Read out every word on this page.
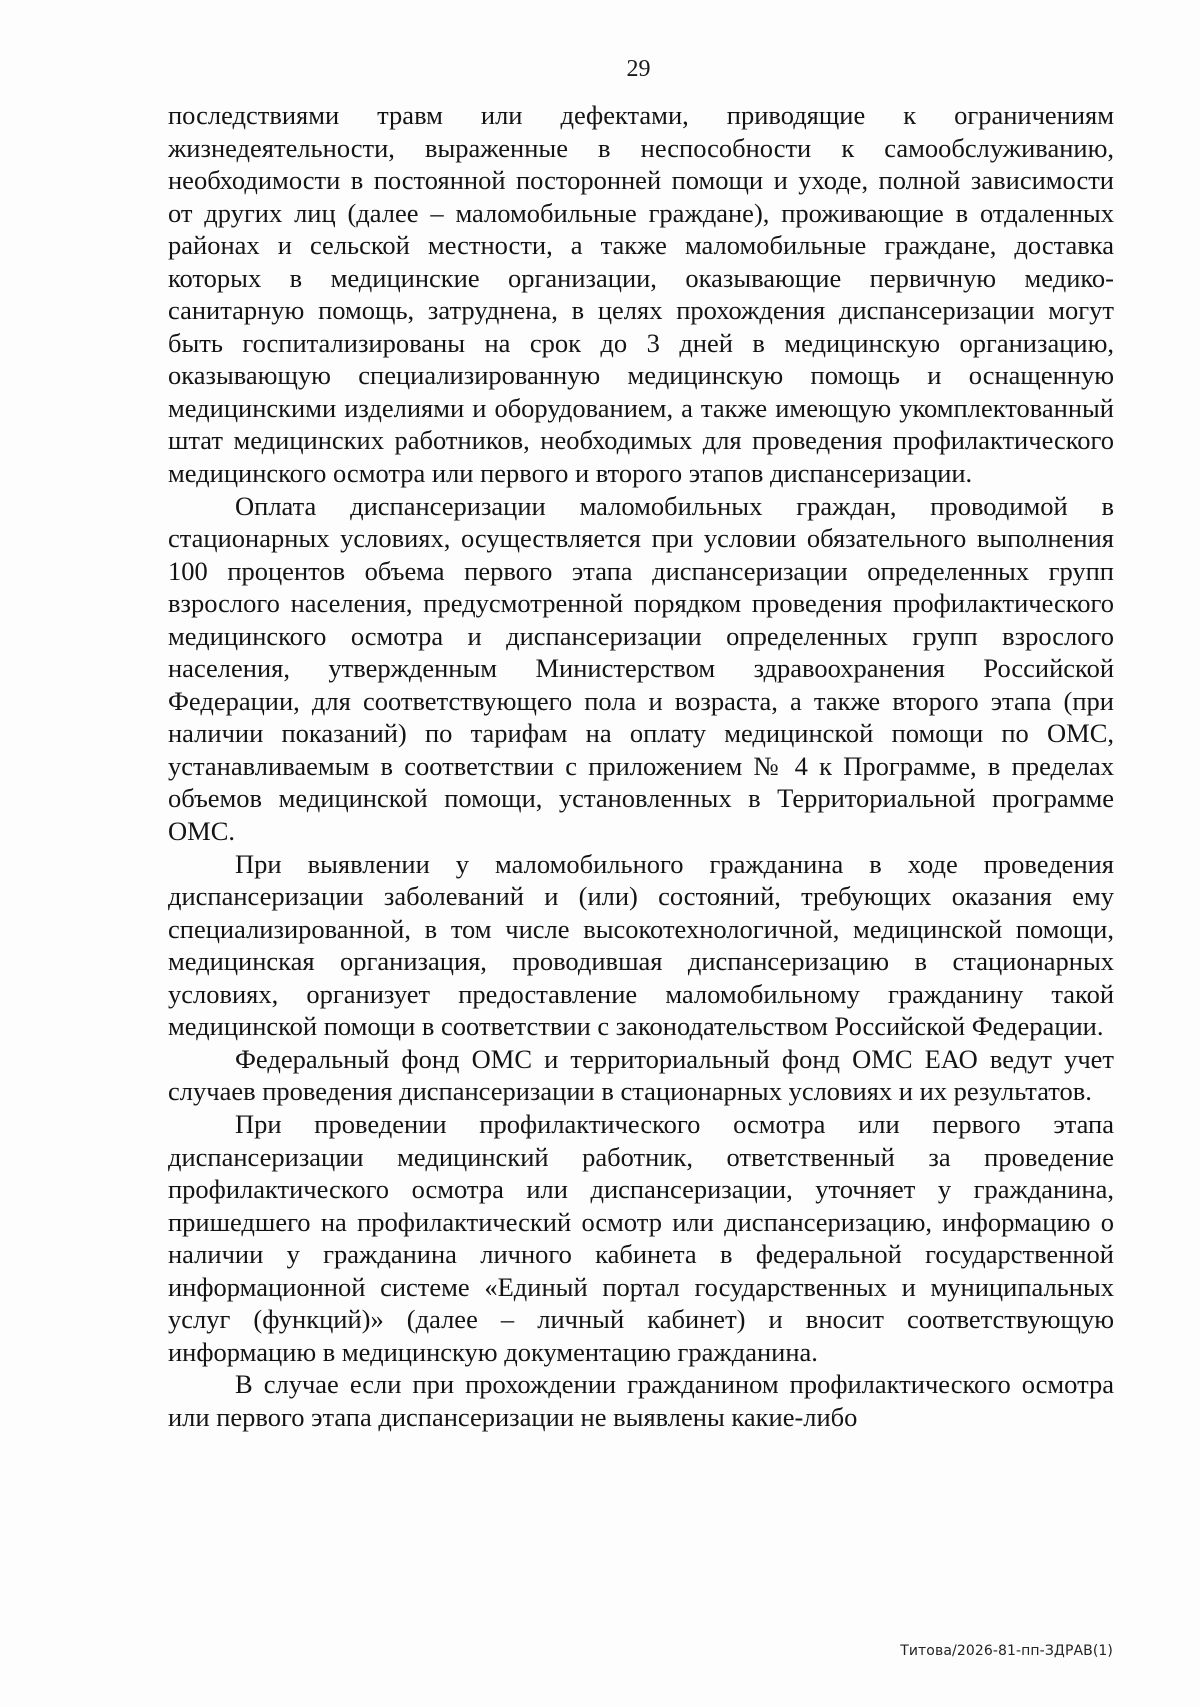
29

последствиями травм или дефектами, приводящие к ограничениям жизнедеятельности, выраженные в неспособности к самообслуживанию, необходимости в постоянной посторонней помощи и уходе, полной зависимости от других лиц (далее – маломобильные граждане), проживающие в отдаленных районах и сельской местности, а также маломобильные граждане, доставка которых в медицинские организации, оказывающие первичную медико-санитарную помощь, затруднена, в целях прохождения диспансеризации могут быть госпитализированы на срок до 3 дней в медицинскую организацию, оказывающую специализированную медицинскую помощь и оснащенную медицинскими изделиями и оборудованием, а также имеющую укомплектованный штат медицинских работников, необходимых для проведения профилактического медицинского осмотра или первого и второго этапов диспансеризации.

Оплата диспансеризации маломобильных граждан, проводимой в стационарных условиях, осуществляется при условии обязательного выполнения 100 процентов объема первого этапа диспансеризации определенных групп взрослого населения, предусмотренной порядком проведения профилактического медицинского осмотра и диспансеризации определенных групп взрослого населения, утвержденным Министерством здравоохранения Российской Федерации, для соответствующего пола и возраста, а также второго этапа (при наличии показаний) по тарифам на оплату медицинской помощи по ОМС, устанавливаемым в соответствии с приложением № 4 к Программе, в пределах объемов медицинской помощи, установленных в Территориальной программе ОМС.

При выявлении у маломобильного гражданина в ходе проведения диспансеризации заболеваний и (или) состояний, требующих оказания ему специализированной, в том числе высокотехнологичной, медицинской помощи, медицинская организация, проводившая диспансеризацию в стационарных условиях, организует предоставление маломобильному гражданину такой медицинской помощи в соответствии с законодательством Российской Федерации.

Федеральный фонд ОМС и территориальный фонд ОМС ЕАО ведут учет случаев проведения диспансеризации в стационарных условиях и их результатов.

При проведении профилактического осмотра или первого этапа диспансеризации медицинский работник, ответственный за проведение профилактического осмотра или диспансеризации, уточняет у гражданина, пришедшего на профилактический осмотр или диспансеризацию, информацию о наличии у гражданина личного кабинета в федеральной государственной информационной системе «Единый портал государственных и муниципальных услуг (функций)» (далее – личный кабинет) и вносит соответствующую информацию в медицинскую документацию гражданина.

В случае если при прохождении гражданином профилактического осмотра или первого этапа диспансеризации не выявлены какие-либо

Титова/2026-81-пп-ЗДРАВ(1)
